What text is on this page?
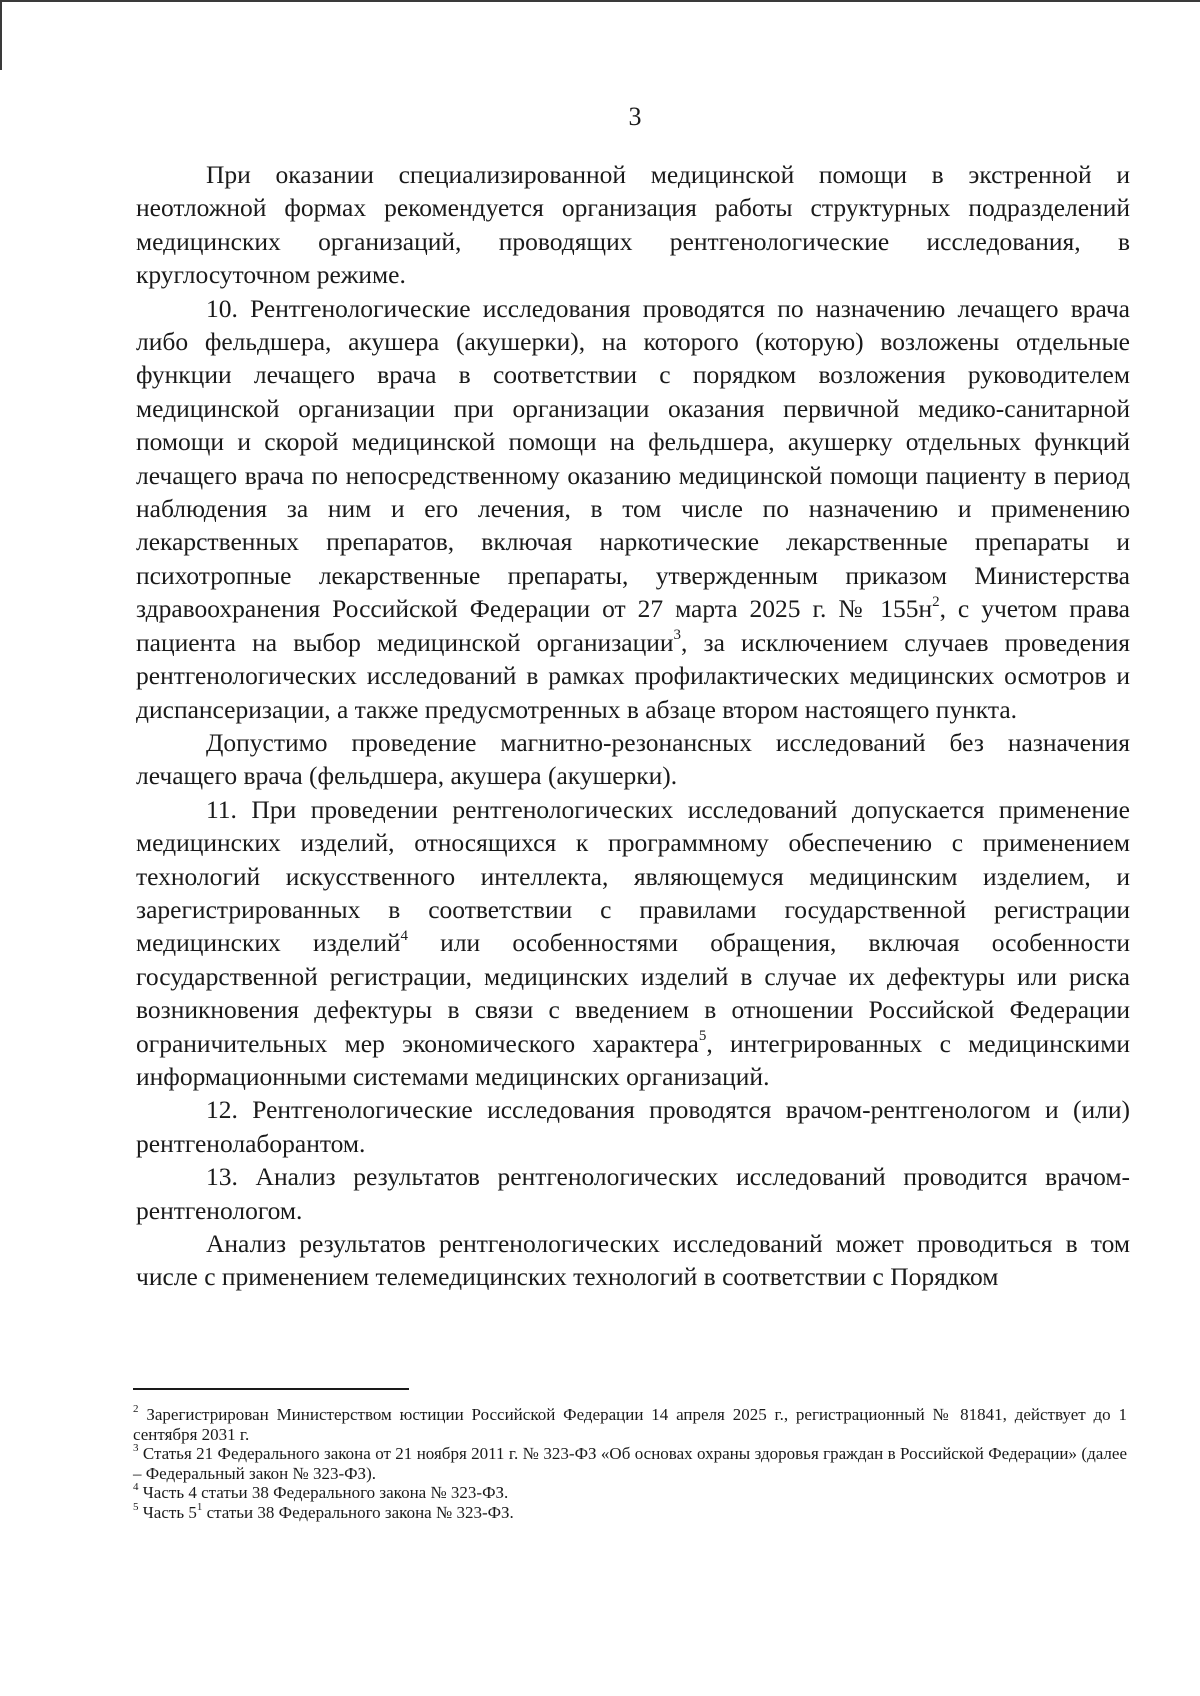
3

При оказании специализированной медицинской помощи в экстренной и неотложной формах рекомендуется организация работы структурных подразделений медицинских организаций, проводящих рентгенологические исследования, в круглосуточном режиме.

10. Рентгенологические исследования проводятся по назначению лечащего врача либо фельдшера, акушера (акушерки), на которого (которую) возложены отдельные функции лечащего врача в соответствии с порядком возложения руководителем медицинской организации при организации оказания первичной медико-санитарной помощи и скорой медицинской помощи на фельдшера, акушерку отдельных функций лечащего врача по непосредственному оказанию медицинской помощи пациенту в период наблюдения за ним и его лечения, в том числе по назначению и применению лекарственных препаратов, включая наркотические лекарственные препараты и психотропные лекарственные препараты, утвержденным приказом Министерства здравоохранения Российской Федерации от 27 марта 2025 г. № $155н^2$, с учетом права пациента на выбор медицинской организации$^3$, за исключением случаев проведения рентгенологических исследований в рамках профилактических медицинских осмотров и диспансеризации, а также предусмотренных в абзаце втором настоящего пункта.

Допустимо проведение магнитно-резонансных исследований без назначения лечащего врача (фельдшера, акушера (акушерки).

11. При проведении рентгенологических исследований допускается применение медицинских изделий, относящихся к программному обеспечению с применением технологий искусственного интеллекта, являющемуся медицинским изделием, и зарегистрированных в соответствии с правилами государственной регистрации медицинских изделий$^4$ или особенностями обращения, включая особенности государственной регистрации, медицинских изделий в случае их дефектуры или риска возникновения дефектуры в связи с введением в отношении Российской Федерации ограничительных мер экономического характера$^5$, интегрированных с медицинскими информационными системами медицинских организаций.

12. Рентгенологические исследования проводятся врачом-рентгенологом и (или) рентгенолаборантом.

13. Анализ результатов рентгенологических исследований проводится врачом-рентгенологом.

Анализ результатов рентгенологических исследований может проводиться в том числе с применением телемедицинских технологий в соответствии с Порядком

$^2$ Зарегистрирован Министерством юстиции Российской Федерации 14 апреля 2025 г., регистрационный № 81841, действует до 1 сентября 2031 г.

$^3$ Статья 21 Федерального закона от 21 ноября 2011 г. № 323-ФЗ «Об основах охраны здоровья граждан в Российской Федерации» (далее – Федеральный закон № 323-ФЗ).

$^4$ Часть 4 статьи 38 Федерального закона № 323-ФЗ.

$^5$ Часть $5^1$ статьи 38 Федерального закона № 323-ФЗ.
